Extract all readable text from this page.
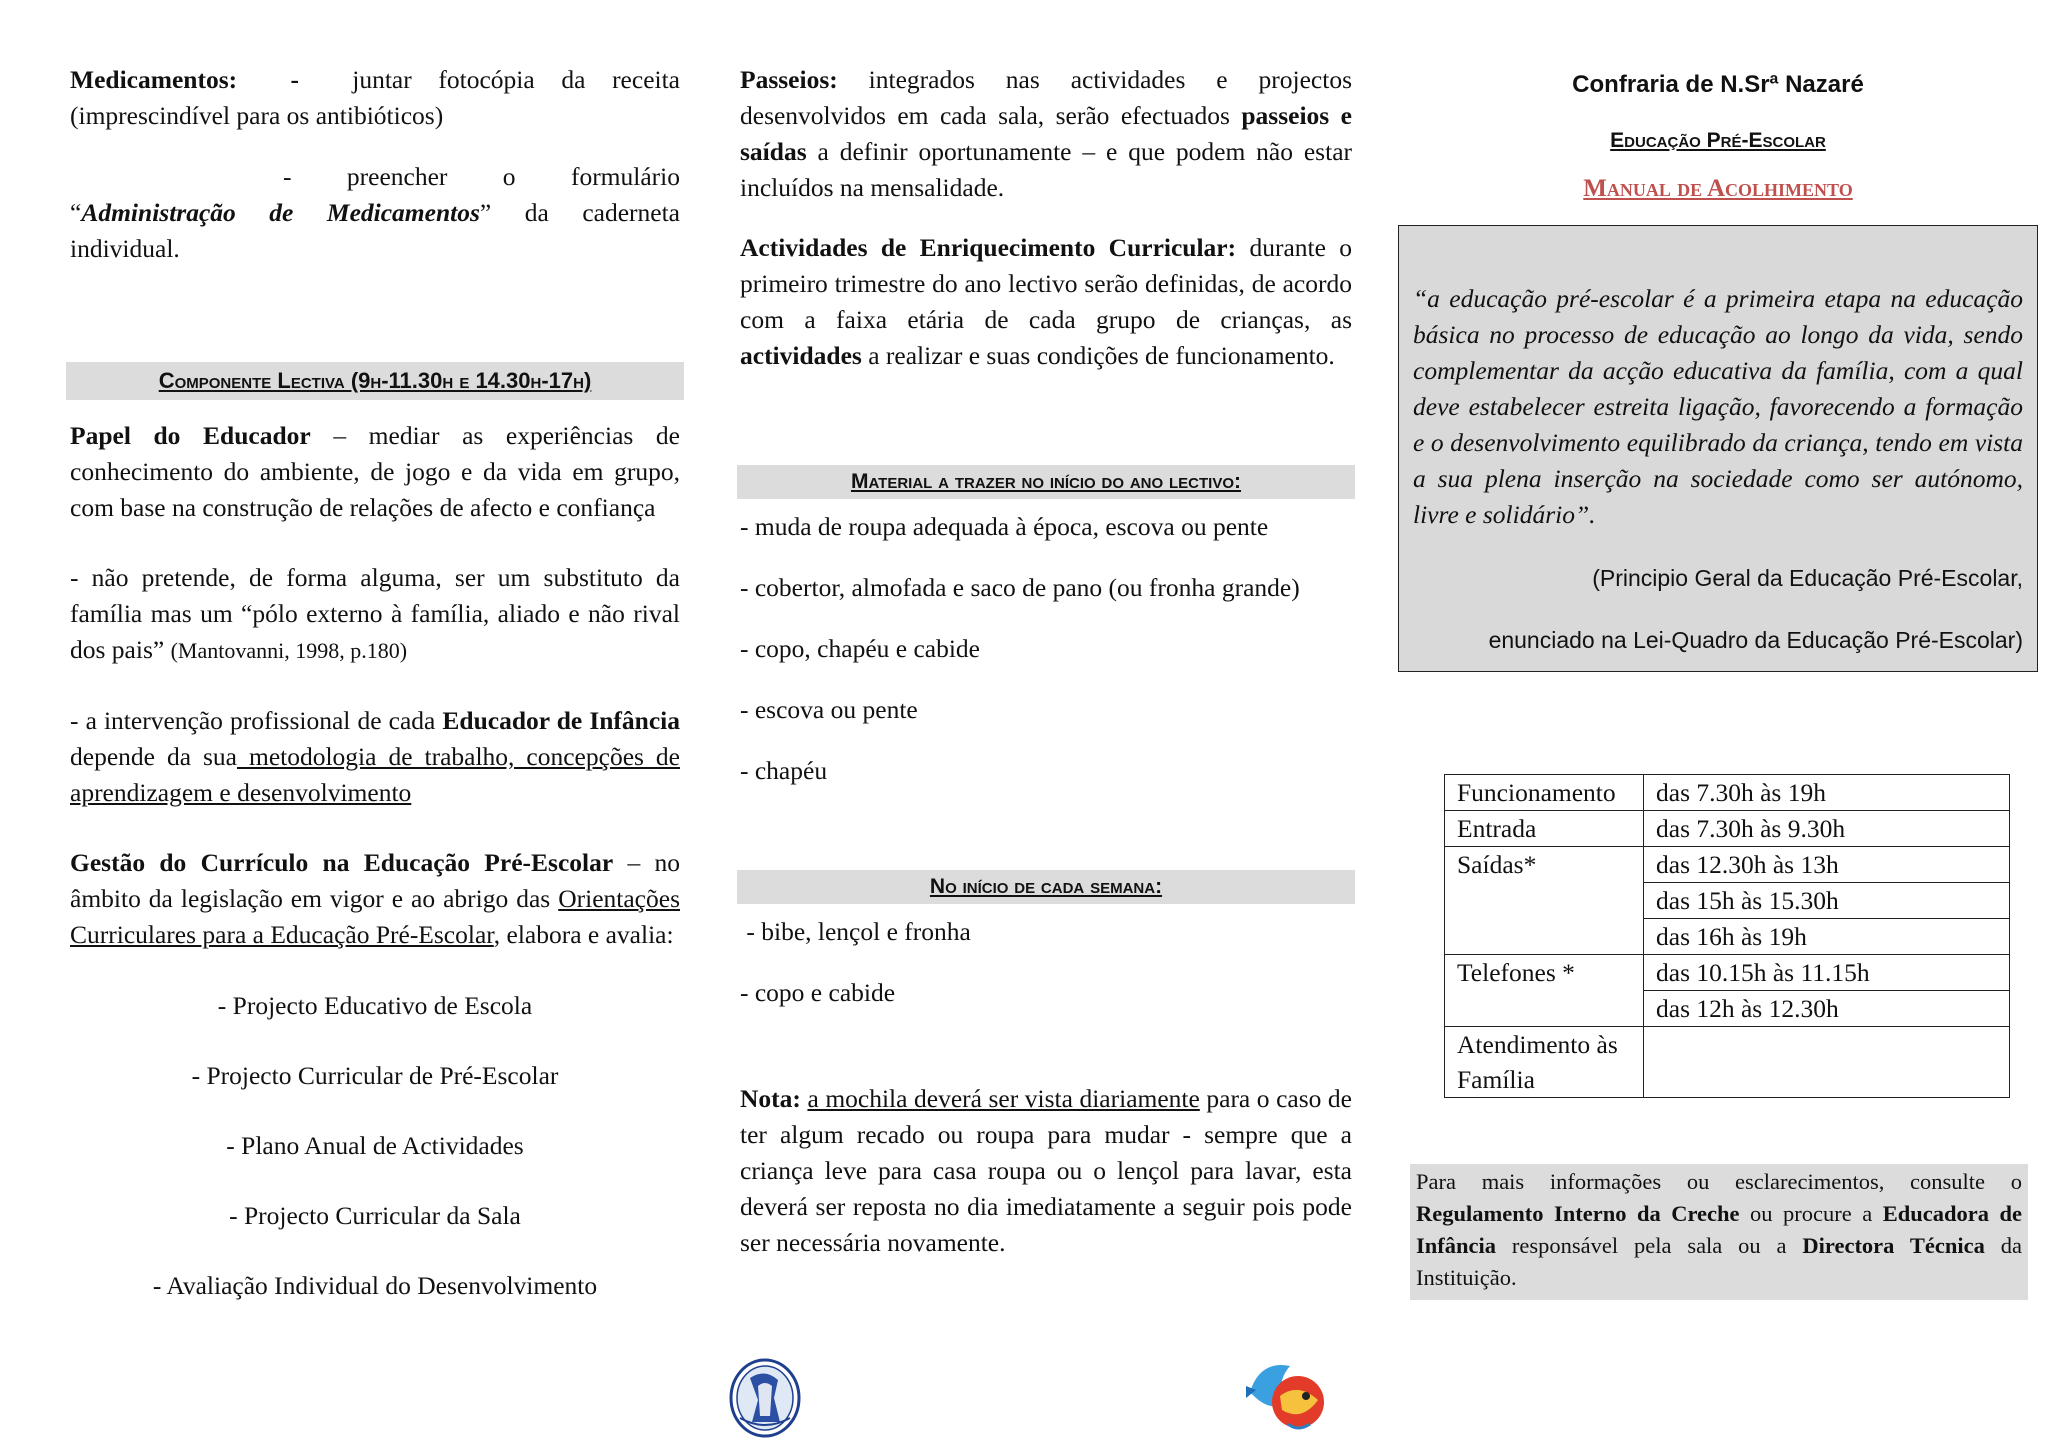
Medicamentos: - juntar fotocópia da receita (imprescindível para os antibióticos)

- preencher o formulário

“Administração de Medicamentos” da caderneta individual.

Componente Lectiva (9h-11.30h e 14.30h-17h)

Papel do Educador – mediar as experiências de conhecimento do ambiente, de jogo e da vida em grupo, com base na construção de relações de afecto e confiança

- não pretende, de forma alguma, ser um substituto da família mas um “pólo externo à família, aliado e não rival dos pais” (Mantovanni, 1998, p.180)

- a intervenção profissional de cada Educador de Infância depende da sua metodologia de trabalho, concepções de aprendizagem e desenvolvimento

Gestão do Currículo na Educação Pré-Escolar – no âmbito da legislação em vigor e ao abrigo das Orientações Curriculares para a Educação Pré-Escolar, elabora e avalia:

- Projecto Educativo de Escola
- Projecto Curricular de Pré-Escolar
- Plano Anual de Actividades
- Projecto Curricular da Sala
- Avaliação Individual do Desenvolvimento

Passeios: integrados nas actividades e projectos desenvolvidos em cada sala, serão efectuados passeios e saídas a definir oportunamente – e que podem não estar incluídos na mensalidade.

Actividades de Enriquecimento Curricular: durante o primeiro trimestre do ano lectivo serão definidas, de acordo com a faixa etária de cada grupo de crianças, as actividades a realizar e suas condições de funcionamento.

Material a trazer no início do ano lectivo:
- muda de roupa adequada à época, escova ou pente
- cobertor, almofada e saco de pano (ou fronha grande)
- copo, chapéu e cabide
- escova ou pente
- chapéu
No início de cada semana:
- bibe, lençol e fronha
- copo e cabide

Nota: a mochila deverá ser vista diariamente para o caso de ter algum recado ou roupa para mudar - sempre que a criança leve para casa roupa ou o lençol para lavar, esta deverá ser reposta no dia imediatamente a seguir pois pode ser necessária novamente.

Confraria de N.Srª Nazaré
Educação Pré-Escolar
Manual de Acolhimento

“a educação pré-escolar é a primeira etapa na educação básica no processo de educação ao longo da vida, sendo complementar da acção educativa da família, com a qual deve estabelecer estreita ligação, favorecendo a formação e o desenvolvimento equilibrado da criança, tendo em vista a sua plena inserção na sociedade como ser autónomo, livre e solidário”.

(Principio Geral da Educação Pré-Escolar,

enunciado na Lei-Quadro da Educação Pré-Escolar)

Funcionamento	das 7.30h às 19h
Entrada	das 7.30h às 9.30h
Saídas*	das 12.30h às 13h
	das 15h às 15.30h
	das 16h às 19h
Telefones *	das 10.15h às 11.15h
	das 12h às 12.30h
Atendimento às Família	
Para mais informações ou esclarecimentos, consulte o Regulamento Interno da Creche ou procure a Educadora de Infância responsável pela sala ou a Directora Técnica da Instituição.
